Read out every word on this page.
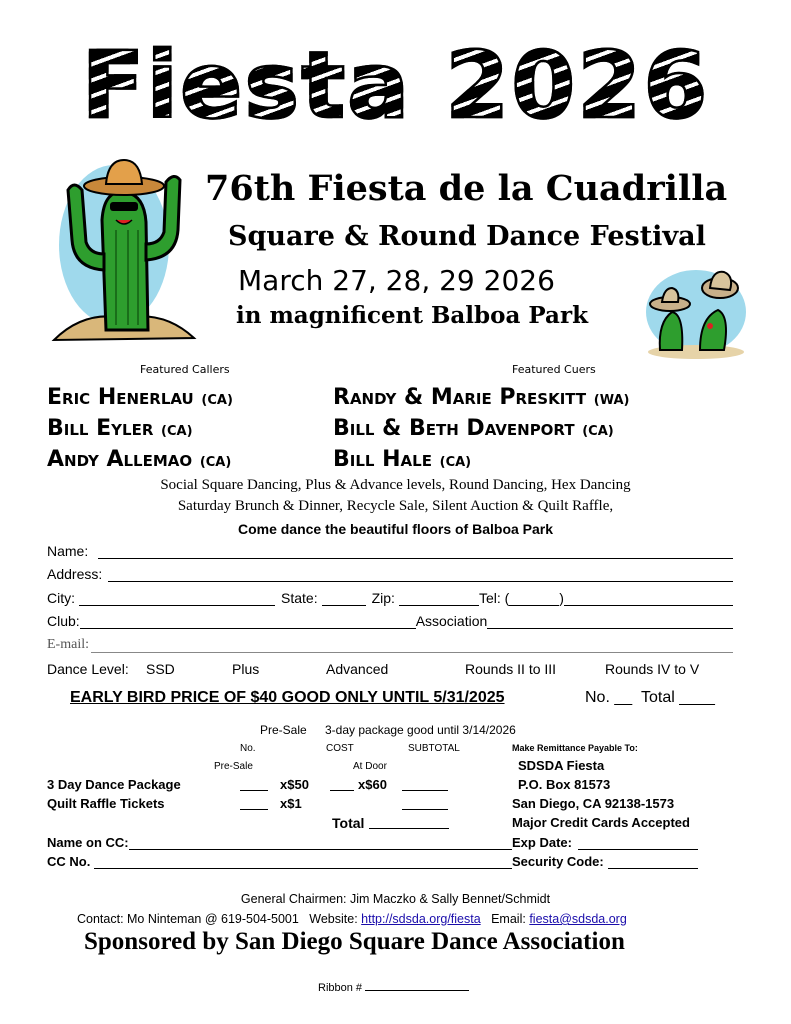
Fiesta 2026
76th Fiesta de la Cuadrilla
Square & Round Dance Festival
March 27, 28, 29 2026
in magnificent Balboa Park
Featured Callers	Featured Cuers
Eric Henerlau (CA)
Bill Eyler (CA)
Andy Allemao (CA)
Randy & Marie Preskitt (WA)
Bill & Beth Davenport (CA)
Bill Hale (CA)
Social Square Dancing, Plus & Advance levels, Round Dancing, Hex Dancing
Saturday Brunch & Dinner, Recycle Sale, Silent Auction & Quilt Raffle,
Come dance the beautiful floors of Balboa Park
Name:
Address:
City:	State:	Zip:	Tel: (	)
Club:	Association
E-mail:
Dance Level: SSD	Plus	Advanced	Rounds II to III	Rounds IV to V
EARLY BIRD PRICE OF $40 GOOD ONLY UNTIL 5/31/2025	No. __ Total ____
Pre-Sale 3-day package good until 3/14/2026
No.	COST	SUBTOTAL
Pre-Sale	At Door
3 Day Dance Package	x$50	x$60
Quilt Raffle Tickets	x$1
Total
Name on CC:
CC No.
Make Remittance Payable To:
SDSDA Fiesta
P.O. Box 81573
San Diego, CA 92138-1573
Major Credit Cards Accepted
Exp Date:
Security Code:
General Chairmen: Jim Maczko & Sally Bennet/Schmidt
Contact: Mo Ninteman @ 619-504-5001 Website: http://sdsda.org/fiesta Email: fiesta@sdsda.org
Sponsored by San Diego Square Dance Association
Ribbon #
